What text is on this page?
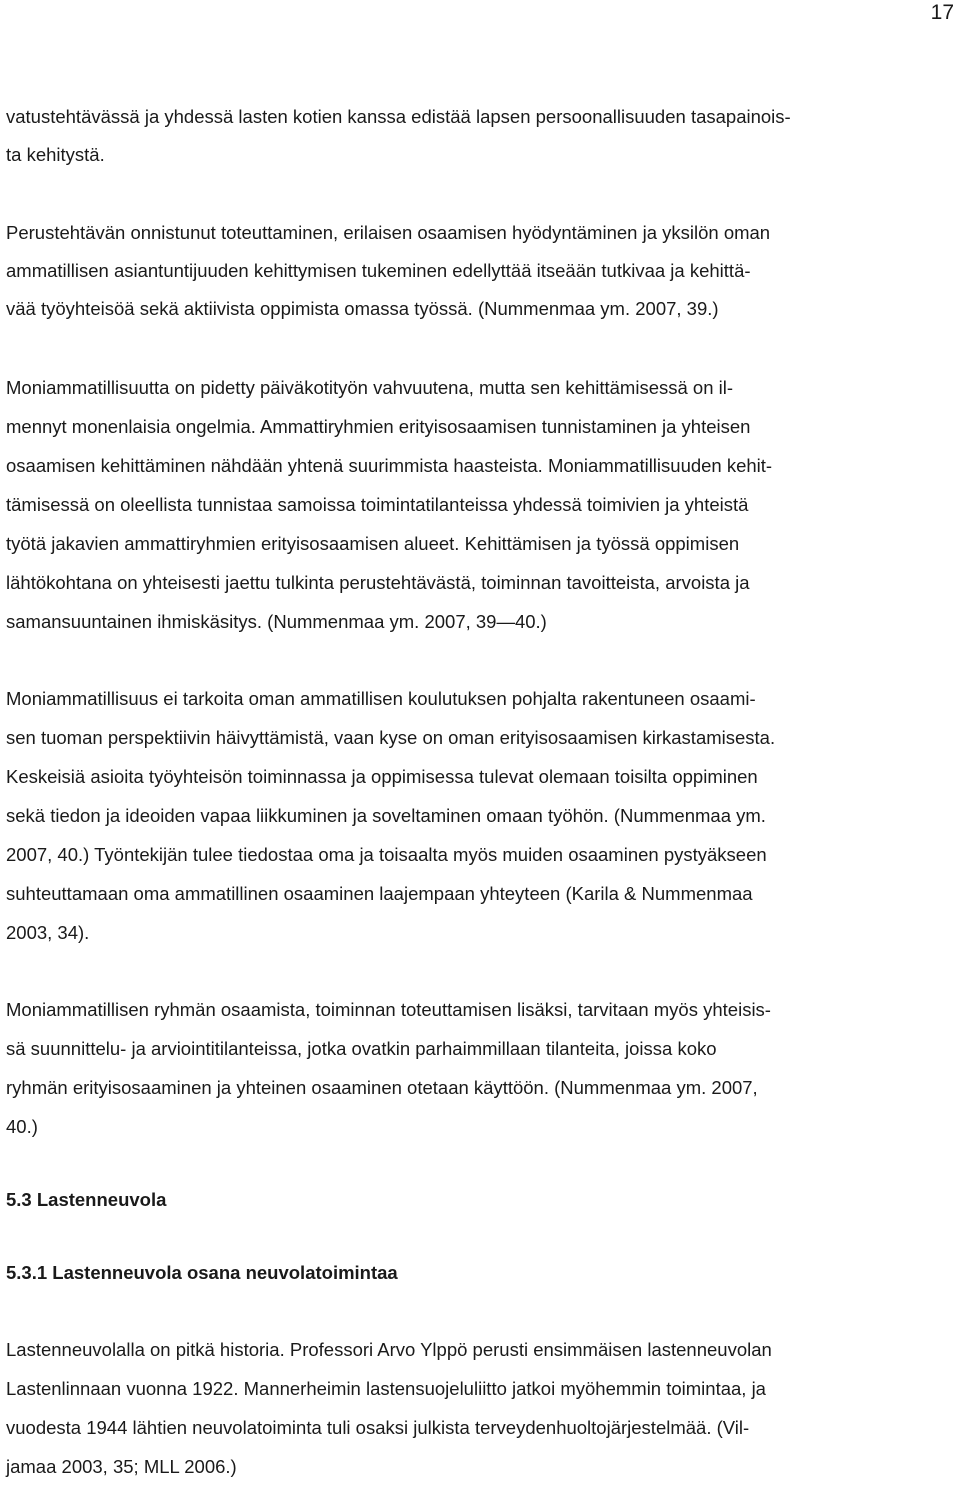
17

vatustehtävässä ja yhdessä lasten kotien kanssa edistää lapsen persoonallisuuden tasapainois-
ta kehitystä.

Perustehtävän onnistunut toteuttaminen, erilaisen osaamisen hyödyntäminen ja yksilön oman
ammatillisen asiantuntijuuden kehittymisen tukeminen edellyttää itseään tutkivaa ja kehittä-
vää työyhteisöä sekä aktiivista oppimista omassa työssä. (Nummenmaa ym. 2007, 39.)

Moniammatillisuutta on pidetty päiväkotityön vahvuutena, mutta sen kehittämisessä on il-
mennyt monenlaisia ongelmia. Ammattiryhmien erityisosaamisen tunnistaminen ja yhteisen
osaamisen kehittäminen nähdään yhtenä suurimmista haasteista. Moniammatillisuuden kehit-
tämisessä on oleellista tunnistaa samoissa toimintatilanteissa yhdessä toimivien ja yhteistä
työtä jakavien ammattiryhmien erityisosaamisen alueet. Kehittämisen ja työssä oppimisen
lähtökohtana on yhteisesti jaettu tulkinta perustehtävästä, toiminnan tavoitteista, arvoista ja
samansuuntainen ihmiskäsitys. (Nummenmaa ym. 2007, 39—40.)

Moniammatillisuus ei tarkoita oman ammatillisen koulutuksen pohjalta rakentuneen osaami-
sen tuoman perspektiivin häivyttämistä, vaan kyse on oman erityisosaamisen kirkastamisesta.
Keskeisiä asioita työyhteisön toiminnassa ja oppimisessa tulevat olemaan toisilta oppiminen
sekä tiedon ja ideoiden vapaa liikkuminen ja soveltaminen omaan työhön. (Nummenmaa ym.
2007, 40.) Työntekijän tulee tiedostaa oma ja toisaalta myös muiden osaaminen pystyäkseen
suhteuttamaan oma ammatillinen osaaminen laajempaan yhteyteen (Karila & Nummenmaa
2003, 34).

Moniammatillisen ryhmän osaamista, toiminnan toteuttamisen lisäksi, tarvitaan myös yhteisis-
sä suunnittelu- ja arviointitilanteissa, jotka ovatkin parhaimmillaan tilanteita, joissa koko
ryhmän erityisosaaminen ja yhteinen osaaminen otetaan käyttöön. (Nummenmaa ym. 2007,
40.)

5.3 Lastenneuvola
5.3.1 Lastenneuvola osana neuvolatoimintaa

Lastenneuvolalla on pitkä historia. Professori Arvo Ylppö perusti ensimmäisen lastenneuvolan
Lastenlinnaan vuonna 1922. Mannerheimin lastensuojeluliitto jatkoi myöhemmin toimintaa, ja
vuodesta 1944 lähtien neuvolatoiminta tuli osaksi julkista terveydenhuoltojärjestelmää. (Vil-
jamaa 2003, 35; MLL 2006.)
